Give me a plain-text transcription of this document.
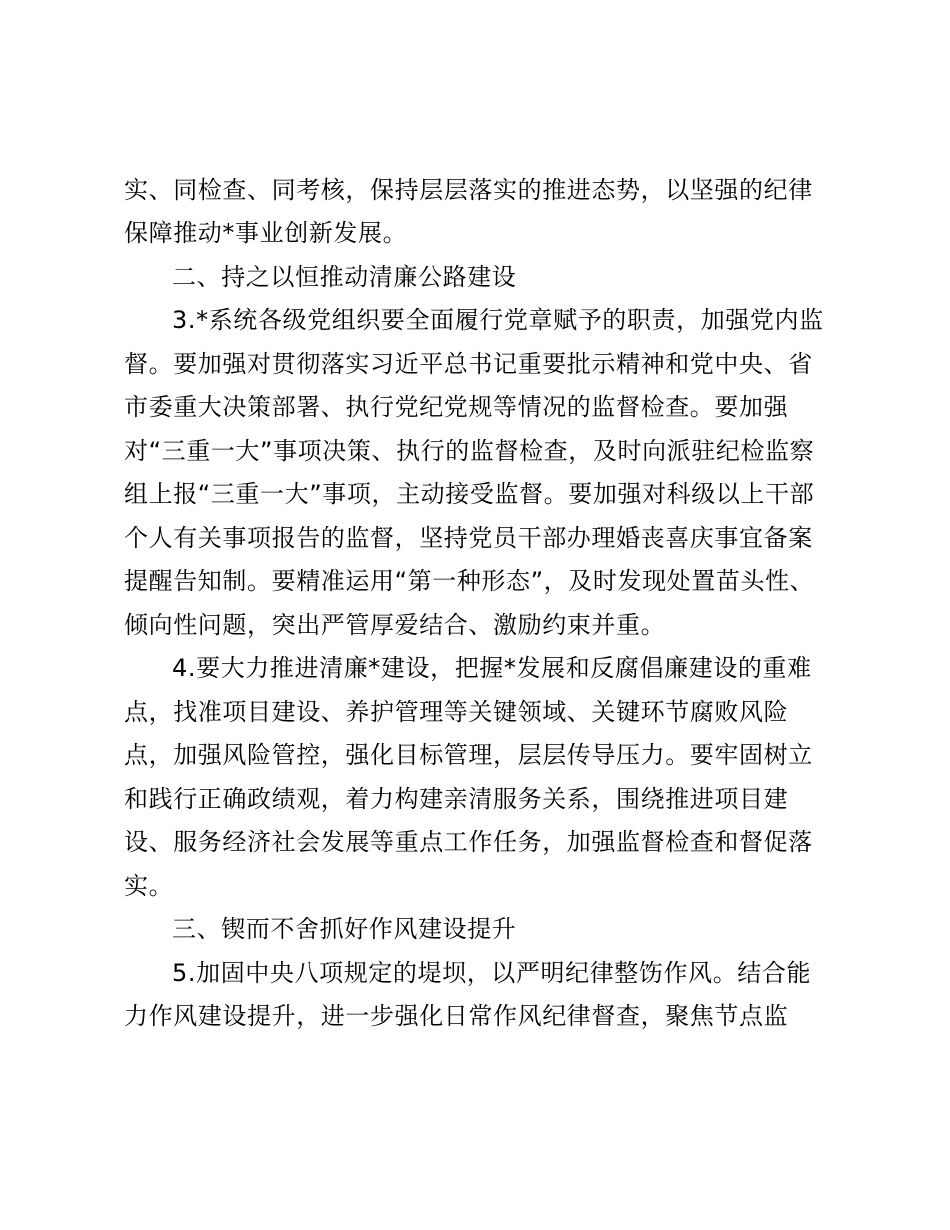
实、同检查、同考核，保持层层落实的推进态势，以坚强的纪律
保障推动*事业创新发展。
二、持之以恒推动清廉公路建设
3.*系统各级党组织要全面履行党章赋予的职责，加强党内监
督。要加强对贯彻落实习近平总书记重要批示精神和党中央、省
市委重大决策部署、执行党纪党规等情况的监督检查。要加强
对“三重一大”事项决策、执行的监督检查，及时向派驻纪检监察
组上报“三重一大”事项，主动接受监督。要加强对科级以上干部
个人有关事项报告的监督，坚持党员干部办理婚丧喜庆事宜备案
提醒告知制。要精准运用“第一种形态”，及时发现处置苗头性、
倾向性问题，突出严管厚爱结合、激励约束并重。
4.要大力推进清廉*建设，把握*发展和反腐倡廉建设的重难
点，找准项目建设、养护管理等关键领域、关键环节腐败风险
点，加强风险管控，强化目标管理，层层传导压力。要牢固树立
和践行正确政绩观，着力构建亲清服务关系，围绕推进项目建
设、服务经济社会发展等重点工作任务，加强监督检查和督促落
实。
三、锲而不舍抓好作风建设提升
5.加固中央八项规定的堤坝，以严明纪律整饬作风。结合能
力作风建设提升，进一步强化日常作风纪律督查，聚焦节点监
